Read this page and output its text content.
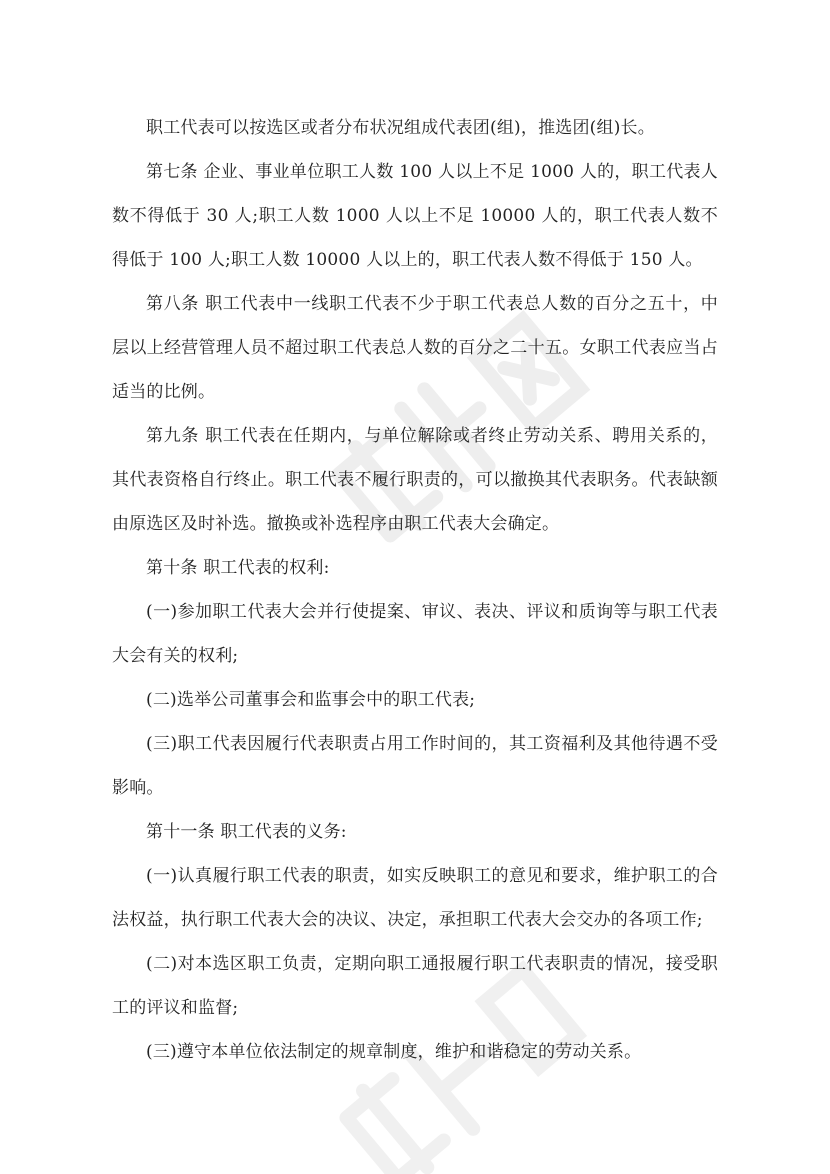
职工代表可以按选区或者分布状况组成代表团(组)，推选团(组)长。

第七条 企业、事业单位职工人数 100 人以上不足 1000 人的，职工代表人数不得低于 30 人;职工人数 1000 人以上不足 10000 人的，职工代表人数不得低于 100 人;职工人数 10000 人以上的，职工代表人数不得低于 150 人。

第八条 职工代表中一线职工代表不少于职工代表总人数的百分之五十，中层以上经营管理人员不超过职工代表总人数的百分之二十五。女职工代表应当占适当的比例。

第九条 职工代表在任期内，与单位解除或者终止劳动关系、聘用关系的，其代表资格自行终止。职工代表不履行职责的，可以撤换其代表职务。代表缺额由原选区及时补选。撤换或补选程序由职工代表大会确定。

第十条 职工代表的权利:

(一)参加职工代表大会并行使提案、审议、表决、评议和质询等与职工代表大会有关的权利;

(二)选举公司董事会和监事会中的职工代表;

(三)职工代表因履行代表职责占用工作时间的，其工资福利及其他待遇不受影响。

第十一条 职工代表的义务:

(一)认真履行职工代表的职责，如实反映职工的意见和要求，维护职工的合法权益，执行职工代表大会的决议、决定，承担职工代表大会交办的各项工作;

(二)对本选区职工负责，定期向职工通报履行职工代表职责的情况，接受职工的评议和监督;

(三)遵守本单位依法制定的规章制度，维护和谐稳定的劳动关系。
